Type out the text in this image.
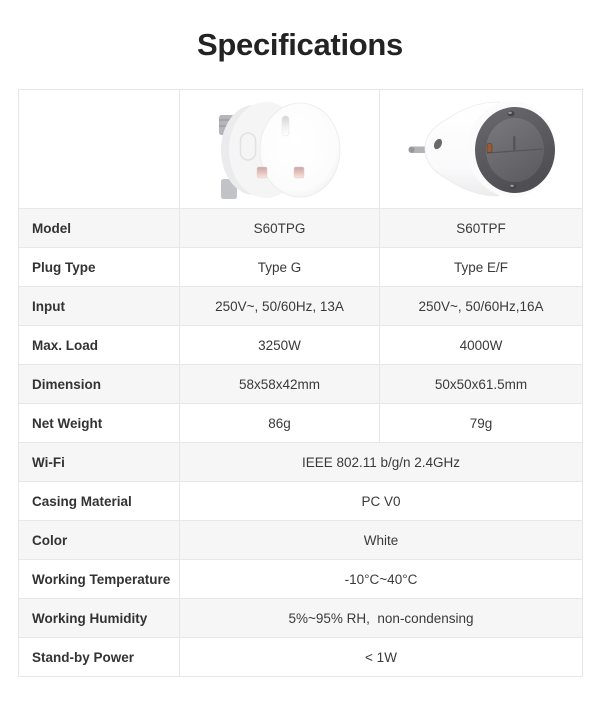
Specifications

Model	S60TPG	S60TPF
Plug Type	Type G	Type E/F
Input	250V~, 50/60Hz, 13A	250V~, 50/60Hz,16A
Max. Load	3250W	4000W
Dimension	58x58x42mm	50x50x61.5mm
Net Weight	86g	79g
Wi-Fi	IEEE 802.11 b/g/n 2.4GHz	
Casing Material	PC V0	
Color	White	
Working Temperature	-10°C~40°C	
Working Humidity	5%~95% RH,  non-condensing	
Stand-by Power	< 1W	
